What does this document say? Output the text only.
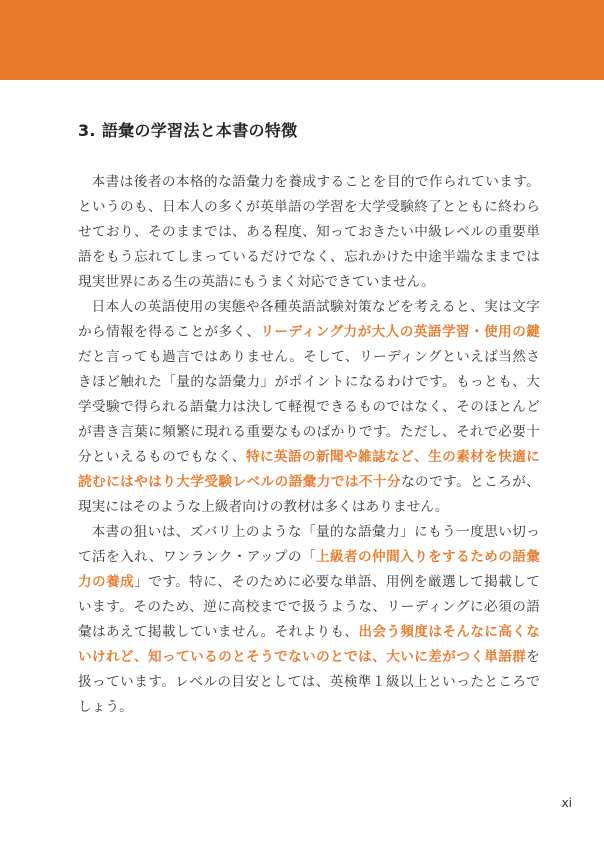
3. 語彙の学習法と本書の特徴

本書は後者の本格的な語彙力を養成することを目的で作られています。というのも、日本人の多くが英単語の学習を大学受験終了とともに終わらせており、そのままでは、ある程度、知っておきたい中級レベルの重要単語をもう忘れてしまっているだけでなく、忘れかけた中途半端なままでは現実世界にある生の英語にもうまく対応できていません。

日本人の英語使用の実態や各種英語試験対策などを考えると、実は文字から情報を得ることが多く、リーディング力が大人の英語学習・使用の鍵だと言っても過言ではありません。そして、リーディングといえば当然さきほど触れた「量的な語彙力」がポイントになるわけです。もっとも、大学受験で得られる語彙力は決して軽視できるものではなく、そのほとんどが書き言葉に頻繁に現れる重要なものばかりです。ただし、それで必要十分といえるものでもなく、特に英語の新聞や雑誌など、生の素材を快適に読むにはやはり大学受験レベルの語彙力では不十分なのです。ところが、現実にはそのような上級者向けの教材は多くはありません。

本書の狙いは、ズバリ上のような「量的な語彙力」にもう一度思い切って活を入れ、ワンランク・アップの「上級者の仲間入りをするための語彙力の養成」です。特に、そのために必要な単語、用例を厳選して掲載しています。そのため、逆に高校までで扱うような、リーディングに必須の語彙はあえて掲載していません。それよりも、出会う頻度はそんなに高くないけれど、知っているのとそうでないのとでは、大いに差がつく単語群を扱っています。レベルの目安としては、英検準１級以上といったところでしょう。

xi
